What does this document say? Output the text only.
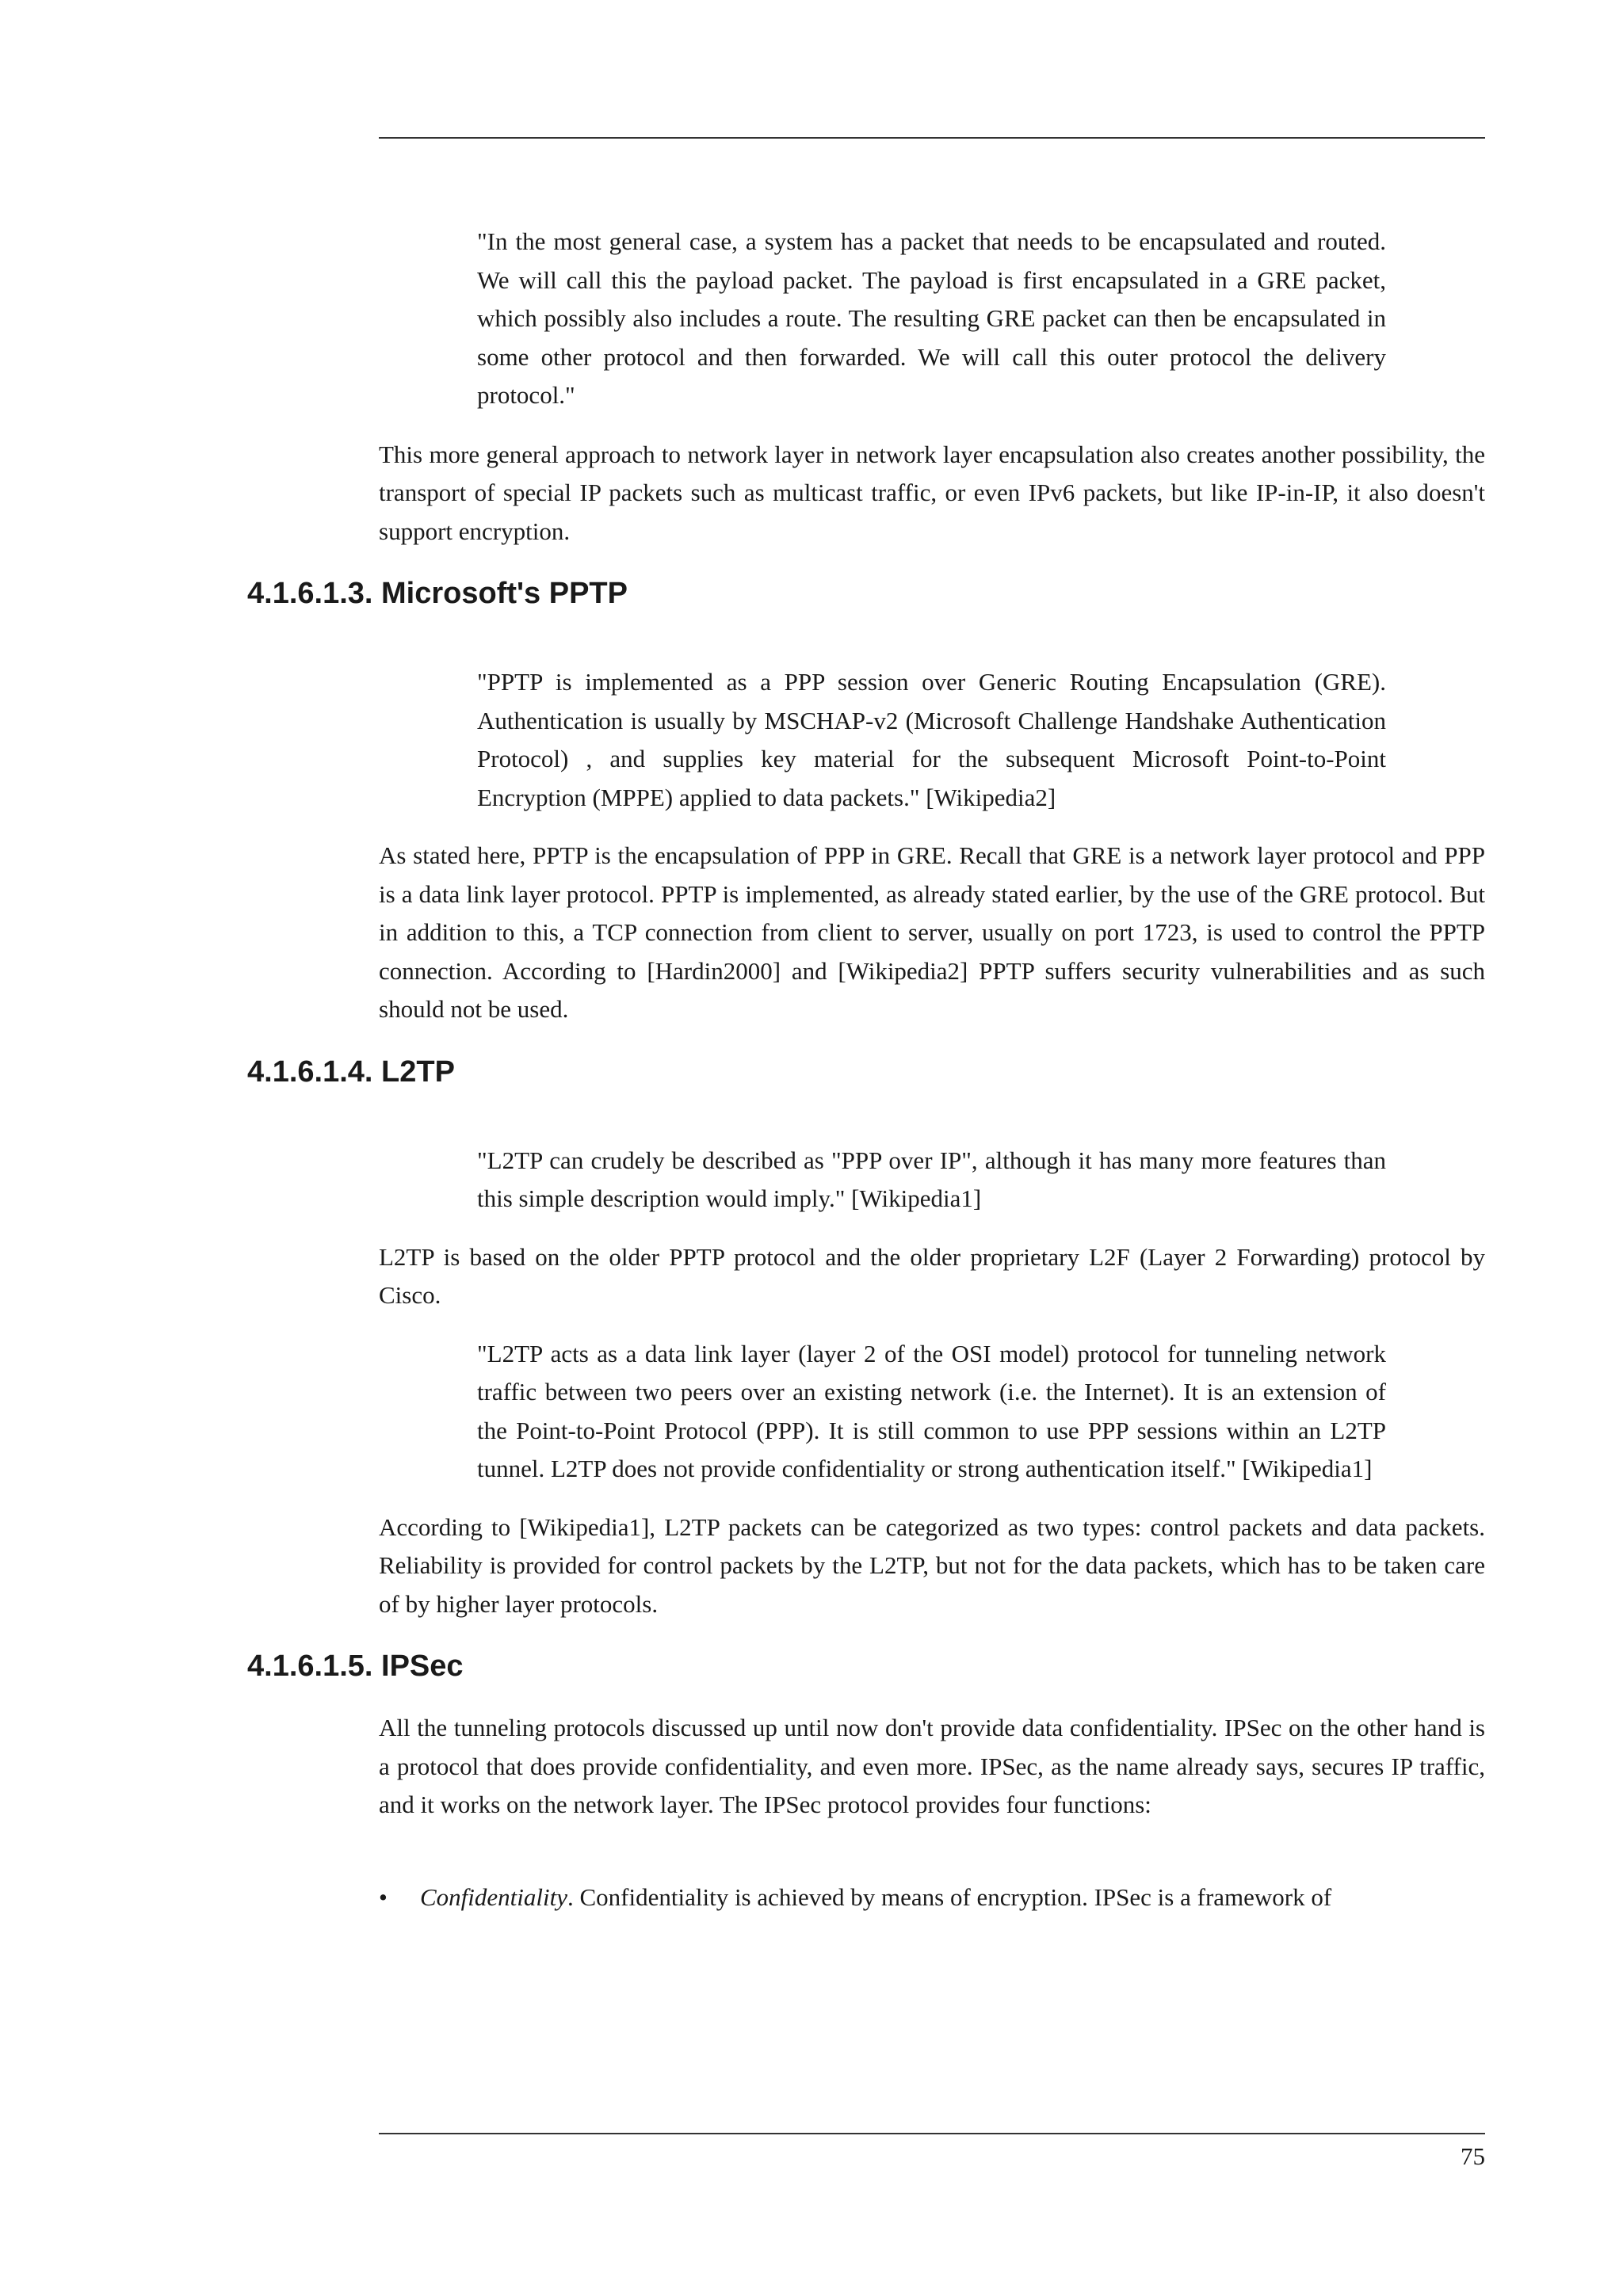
"In the most general case, a system has a packet that needs to be encapsulated and routed. We will call this the payload packet. The payload is first encapsulated in a GRE packet, which possibly also includes a route. The resulting GRE packet can then be encapsulated in some other protocol and then forwarded. We will call this outer protocol the delivery protocol."

This more general approach to network layer in network layer encapsulation also creates another possibility, the transport of special IP packets such as multicast traffic, or even IPv6 packets, but like IP-in-IP, it also doesn't support encryption.

4.1.6.1.3. Microsoft's PPTP

"PPTP is implemented as a PPP session over Generic Routing Encapsulation (GRE). Authentication is usually by MSCHAP-v2 (Microsoft Challenge Handshake Authentication Protocol) , and supplies key material for the subsequent Microsoft Point-to-Point Encryption (MPPE) applied to data packets." [Wikipedia2]

As stated here, PPTP is the encapsulation of PPP in GRE. Recall that GRE is a network layer protocol and PPP is a data link layer protocol. PPTP is implemented, as already stated earlier, by the use of the GRE protocol. But in addition to this, a TCP connection from client to server, usually on port 1723, is used to control the PPTP connection. According to [Hardin2000] and [Wikipedia2] PPTP suffers security vulnerabilities and as such should not be used.

4.1.6.1.4. L2TP

"L2TP can crudely be described as "PPP over IP", although it has many more features than this simple description would imply." [Wikipedia1]

L2TP is based on the older PPTP protocol and the older proprietary L2F (Layer 2 Forwarding) protocol by Cisco.

"L2TP acts as a data link layer (layer 2 of the OSI model) protocol for tunneling network traffic between two peers over an existing network (i.e. the Internet). It is an extension of the Point-to-Point Protocol (PPP). It is still common to use PPP sessions within an L2TP tunnel. L2TP does not provide confidentiality or strong authentication itself." [Wikipedia1]

According to [Wikipedia1], L2TP packets can be categorized as two types: control packets and data packets. Reliability is provided for control packets by the L2TP, but not for the data packets, which has to be taken care of by higher layer protocols.

4.1.6.1.5. IPSec

All the tunneling protocols discussed up until now don't provide data confidentiality. IPSec on the other hand is a protocol that does provide confidentiality, and even more. IPSec, as the name already says, secures IP traffic, and it works on the network layer. The IPSec protocol provides four functions:

• Confidentiality. Confidentiality is achieved by means of encryption. IPSec is a framework of
75
